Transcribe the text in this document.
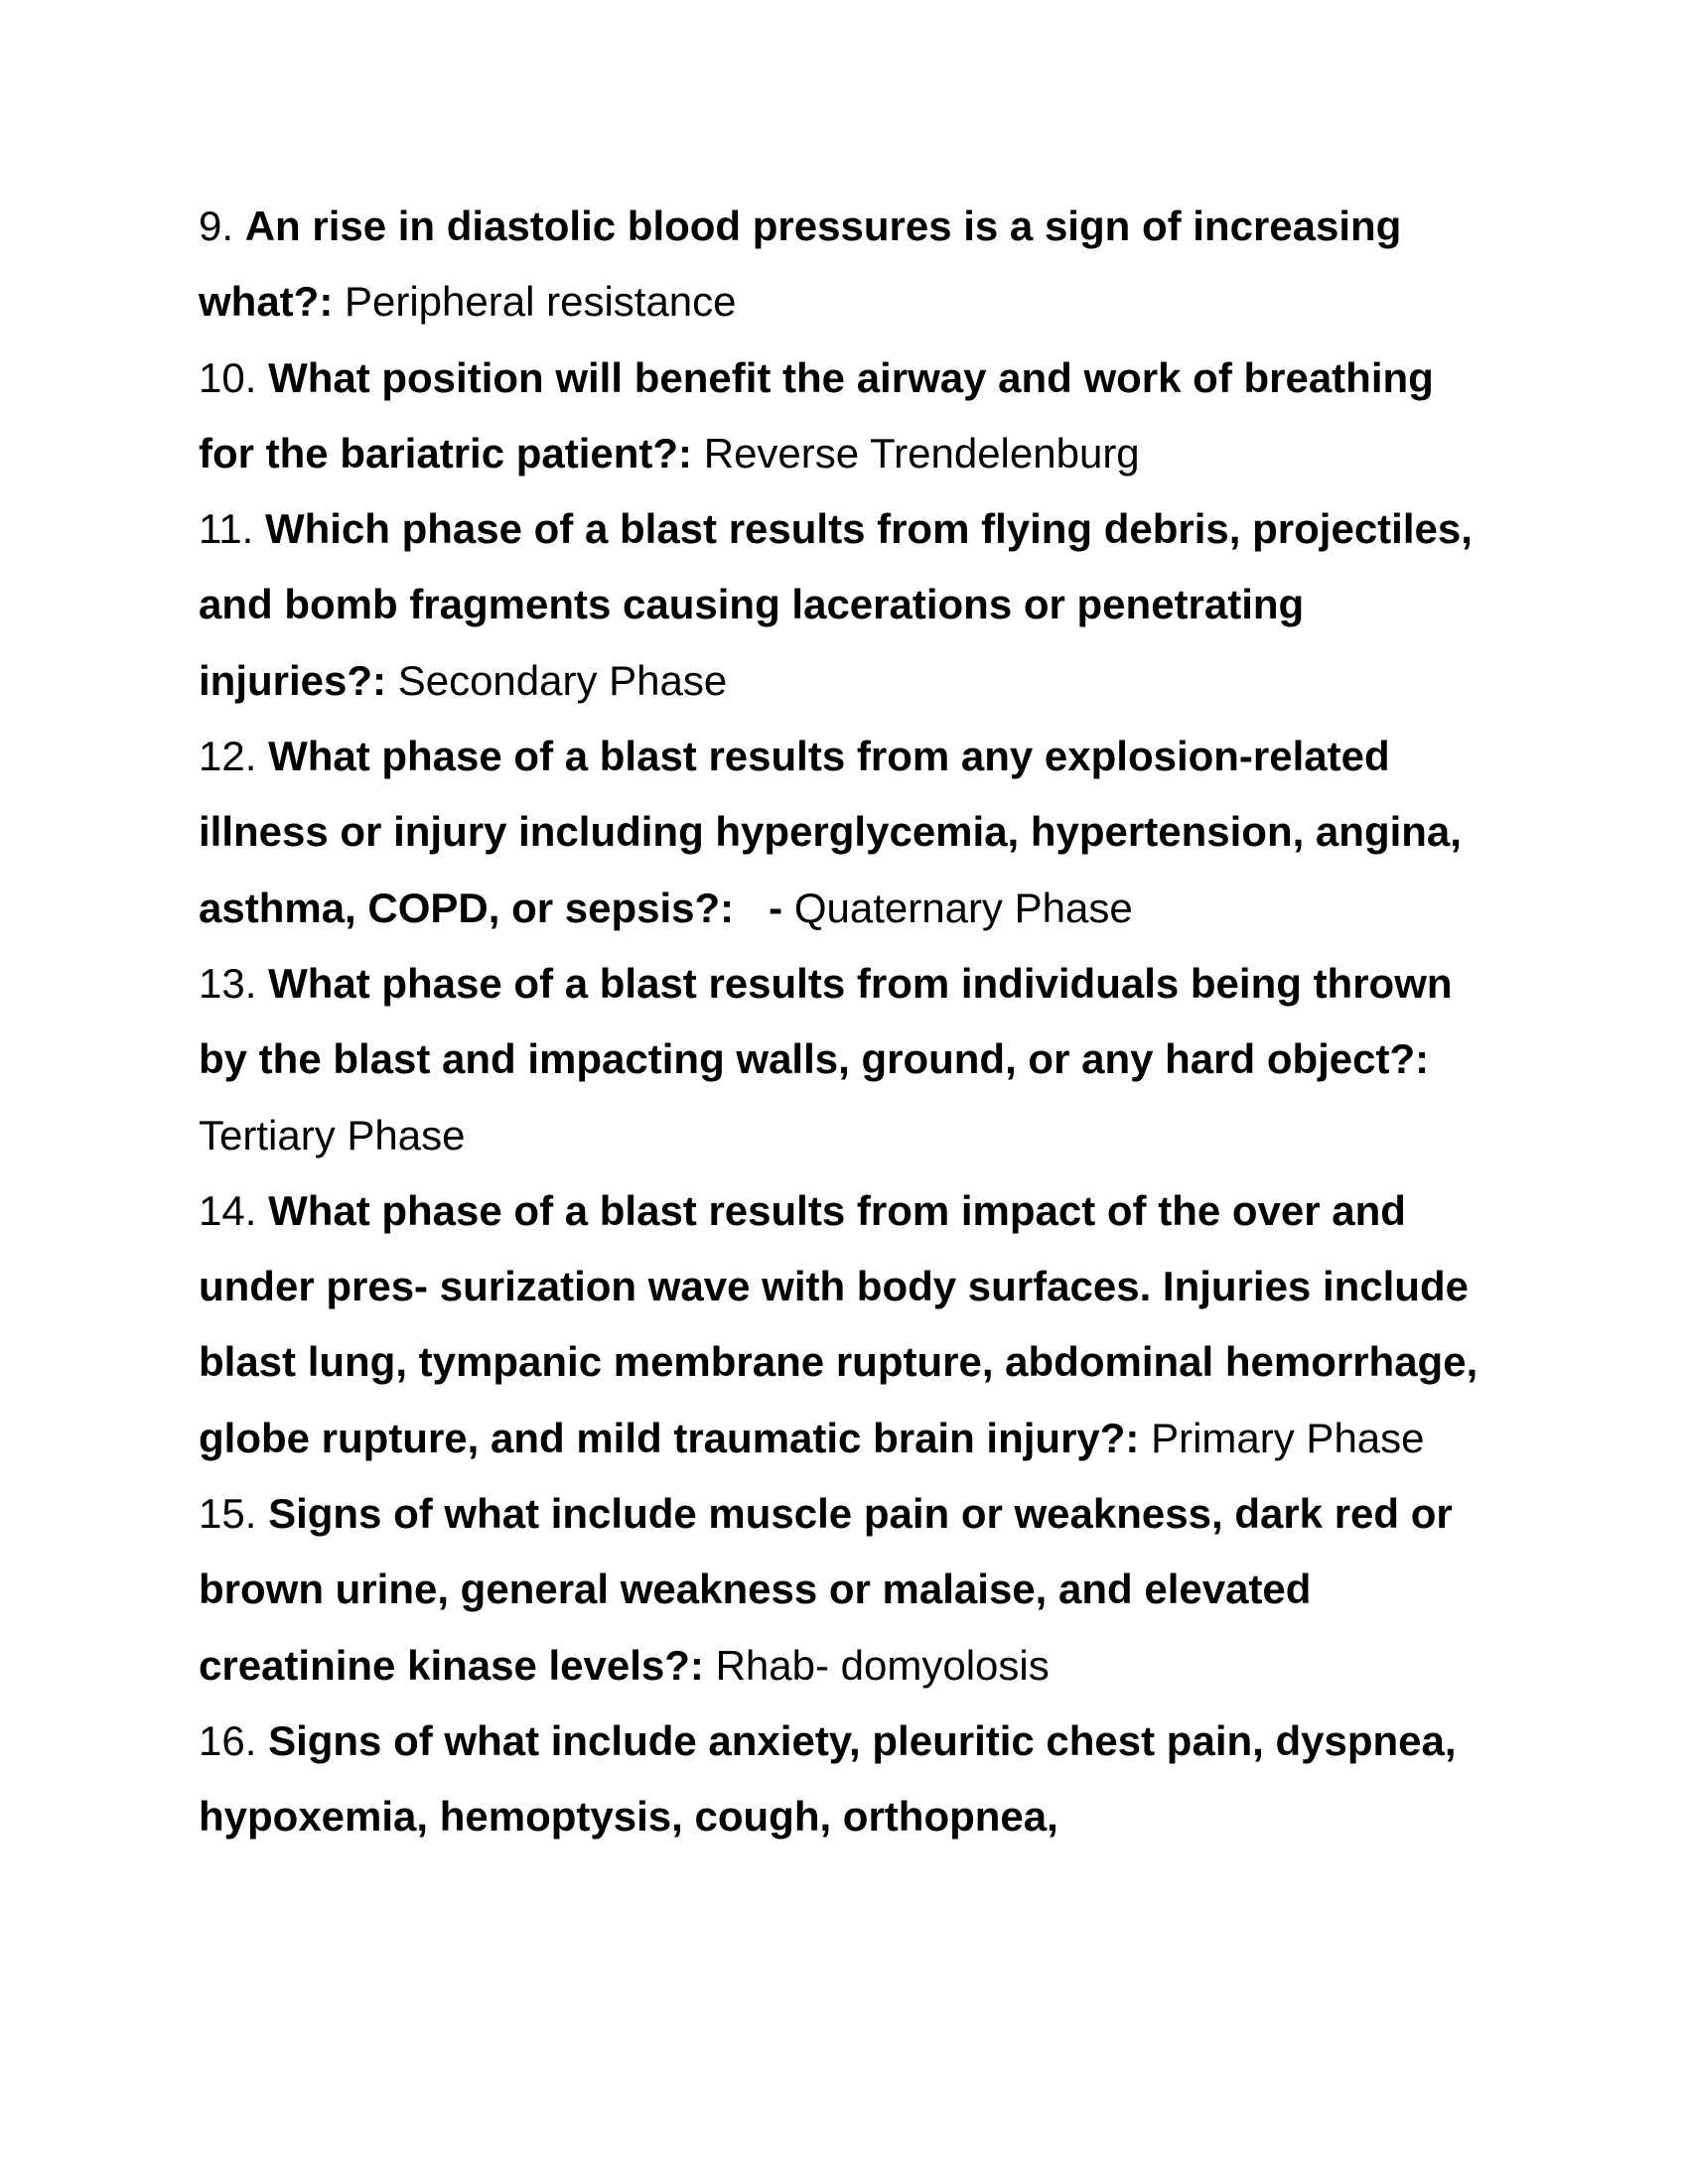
9. An rise in diastolic blood pressures is a sign of increasing what?: Peripheral resistance

10. What position will benefit the airway and work of breathing for the bariatric patient?: Reverse Trendelenburg

11. Which phase of a blast results from flying debris, projectiles, and bomb fragments causing lacerations or penetrating injuries?: Secondary Phase

12. What phase of a blast results from any explosion-related illness or injury including hyperglycemia, hypertension, angina, asthma, COPD, or sepsis?:   - Quaternary Phase

13. What phase of a blast results from individuals being thrown by the blast and impacting walls, ground, or any hard object?: Tertiary Phase

14. What phase of a blast results from impact of the over and under pres- surization wave with body surfaces. Injuries include blast lung, tympanic membrane rupture, abdominal hemorrhage, globe rupture, and mild traumatic brain injury?: Primary Phase

15. Signs of what include muscle pain or weakness, dark red or brown urine, general weakness or malaise, and elevated creatinine kinase levels?: Rhab- domyolosis

16. Signs of what include anxiety, pleuritic chest pain, dyspnea, hypoxemia, hemoptysis, cough, orthopnea,
